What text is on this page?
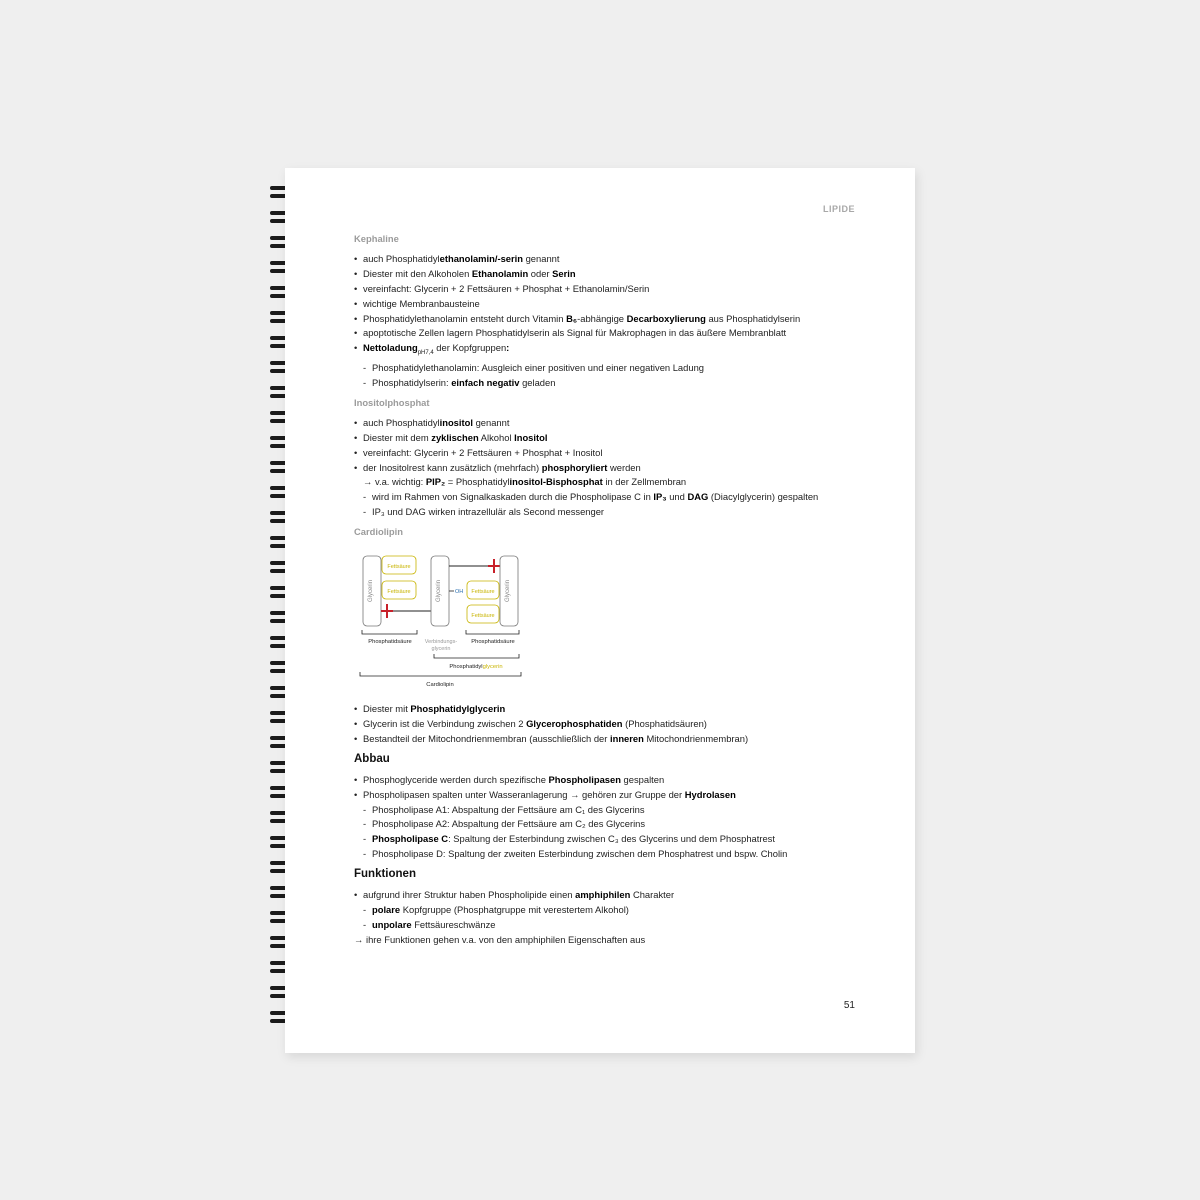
LIPIDE
Kephaline
• auch Phosphatidylethanolamin/-serin genannt
• Diester mit den Alkoholen Ethanolamin oder Serin
• vereinfacht: Glycerin + 2 Fettsäuren + Phosphat + Ethanolamin/Serin
• wichtige Membranbausteine
• Phosphatidylethanolamin entsteht durch Vitamin B₆-abhängige Decarboxylierung aus Phosphatidylserin
• apoptotische Zellen lagern Phosphatidylserin als Signal für Makrophagen in das äußere Membranblatt
• Nettoladung$_{pH7,4}$ der Kopfgruppen:
- Phosphatidylethanolamin: Ausgleich einer positiven und einer negativen Ladung
- Phosphatidylserin: einfach negativ geladen
Inositolphosphat
• auch Phosphatidylinositol genannt
• Diester mit dem zyklischen Alkohol Inositol
• vereinfacht: Glycerin + 2 Fettsäuren + Phosphat + Inositol
• der Inositolrest kann zusätzlich (mehrfach) phosphoryliert werden
→ v.a. wichtig: PIP₂ = Phosphatidylinositol-Bisphosphat in der Zellmembran
- wird im Rahmen von Signalkaskaden durch die Phospholipase C in IP₃ und DAG (Diacylglycerin) gespalten
- IP₃ und DAG wirken intrazellulär als Second messenger
Cardiolipin
Glycerin
Fettsäure
Fettsäure	Glycerin OH Fettsäure
Fettsäure
Glycerin
Phosphatidsäure	Phosphatidsäure
Verbindungs-
glycerin
Phosphatidylglycerin
Cardiolipin
• Diester mit Phosphatidylglycerin
• Glycerin ist die Verbindung zwischen 2 Glycerophosphatiden (Phosphatidsäuren)
• Bestandteil der Mitochondrienmembran (ausschließlich der inneren Mitochondrienmembran)
Abbau
• Phosphoglyceride werden durch spezifische Phospholipasen gespalten
• Phospholipasen spalten unter Wasseranlagerung → gehören zur Gruppe der Hydrolasen
- Phospholipase A1: Abspaltung der Fettsäure am C₁ des Glycerins
- Phospholipase A2: Abspaltung der Fettsäure am C₂ des Glycerins
- Phospholipase C: Spaltung der Esterbindung zwischen C₃ des Glycerins und dem Phosphatrest
- Phospholipase D: Spaltung der zweiten Esterbindung zwischen dem Phosphatrest und bspw. Cholin
Funktionen
• aufgrund ihrer Struktur haben Phospholipide einen amphiphilen Charakter
- polare Kopfgruppe (Phosphatgruppe mit verestertem Alkohol)
- unpolare Fettsäureschwänze
→ ihre Funktionen gehen v.a. von den amphiphilen Eigenschaften aus
51
